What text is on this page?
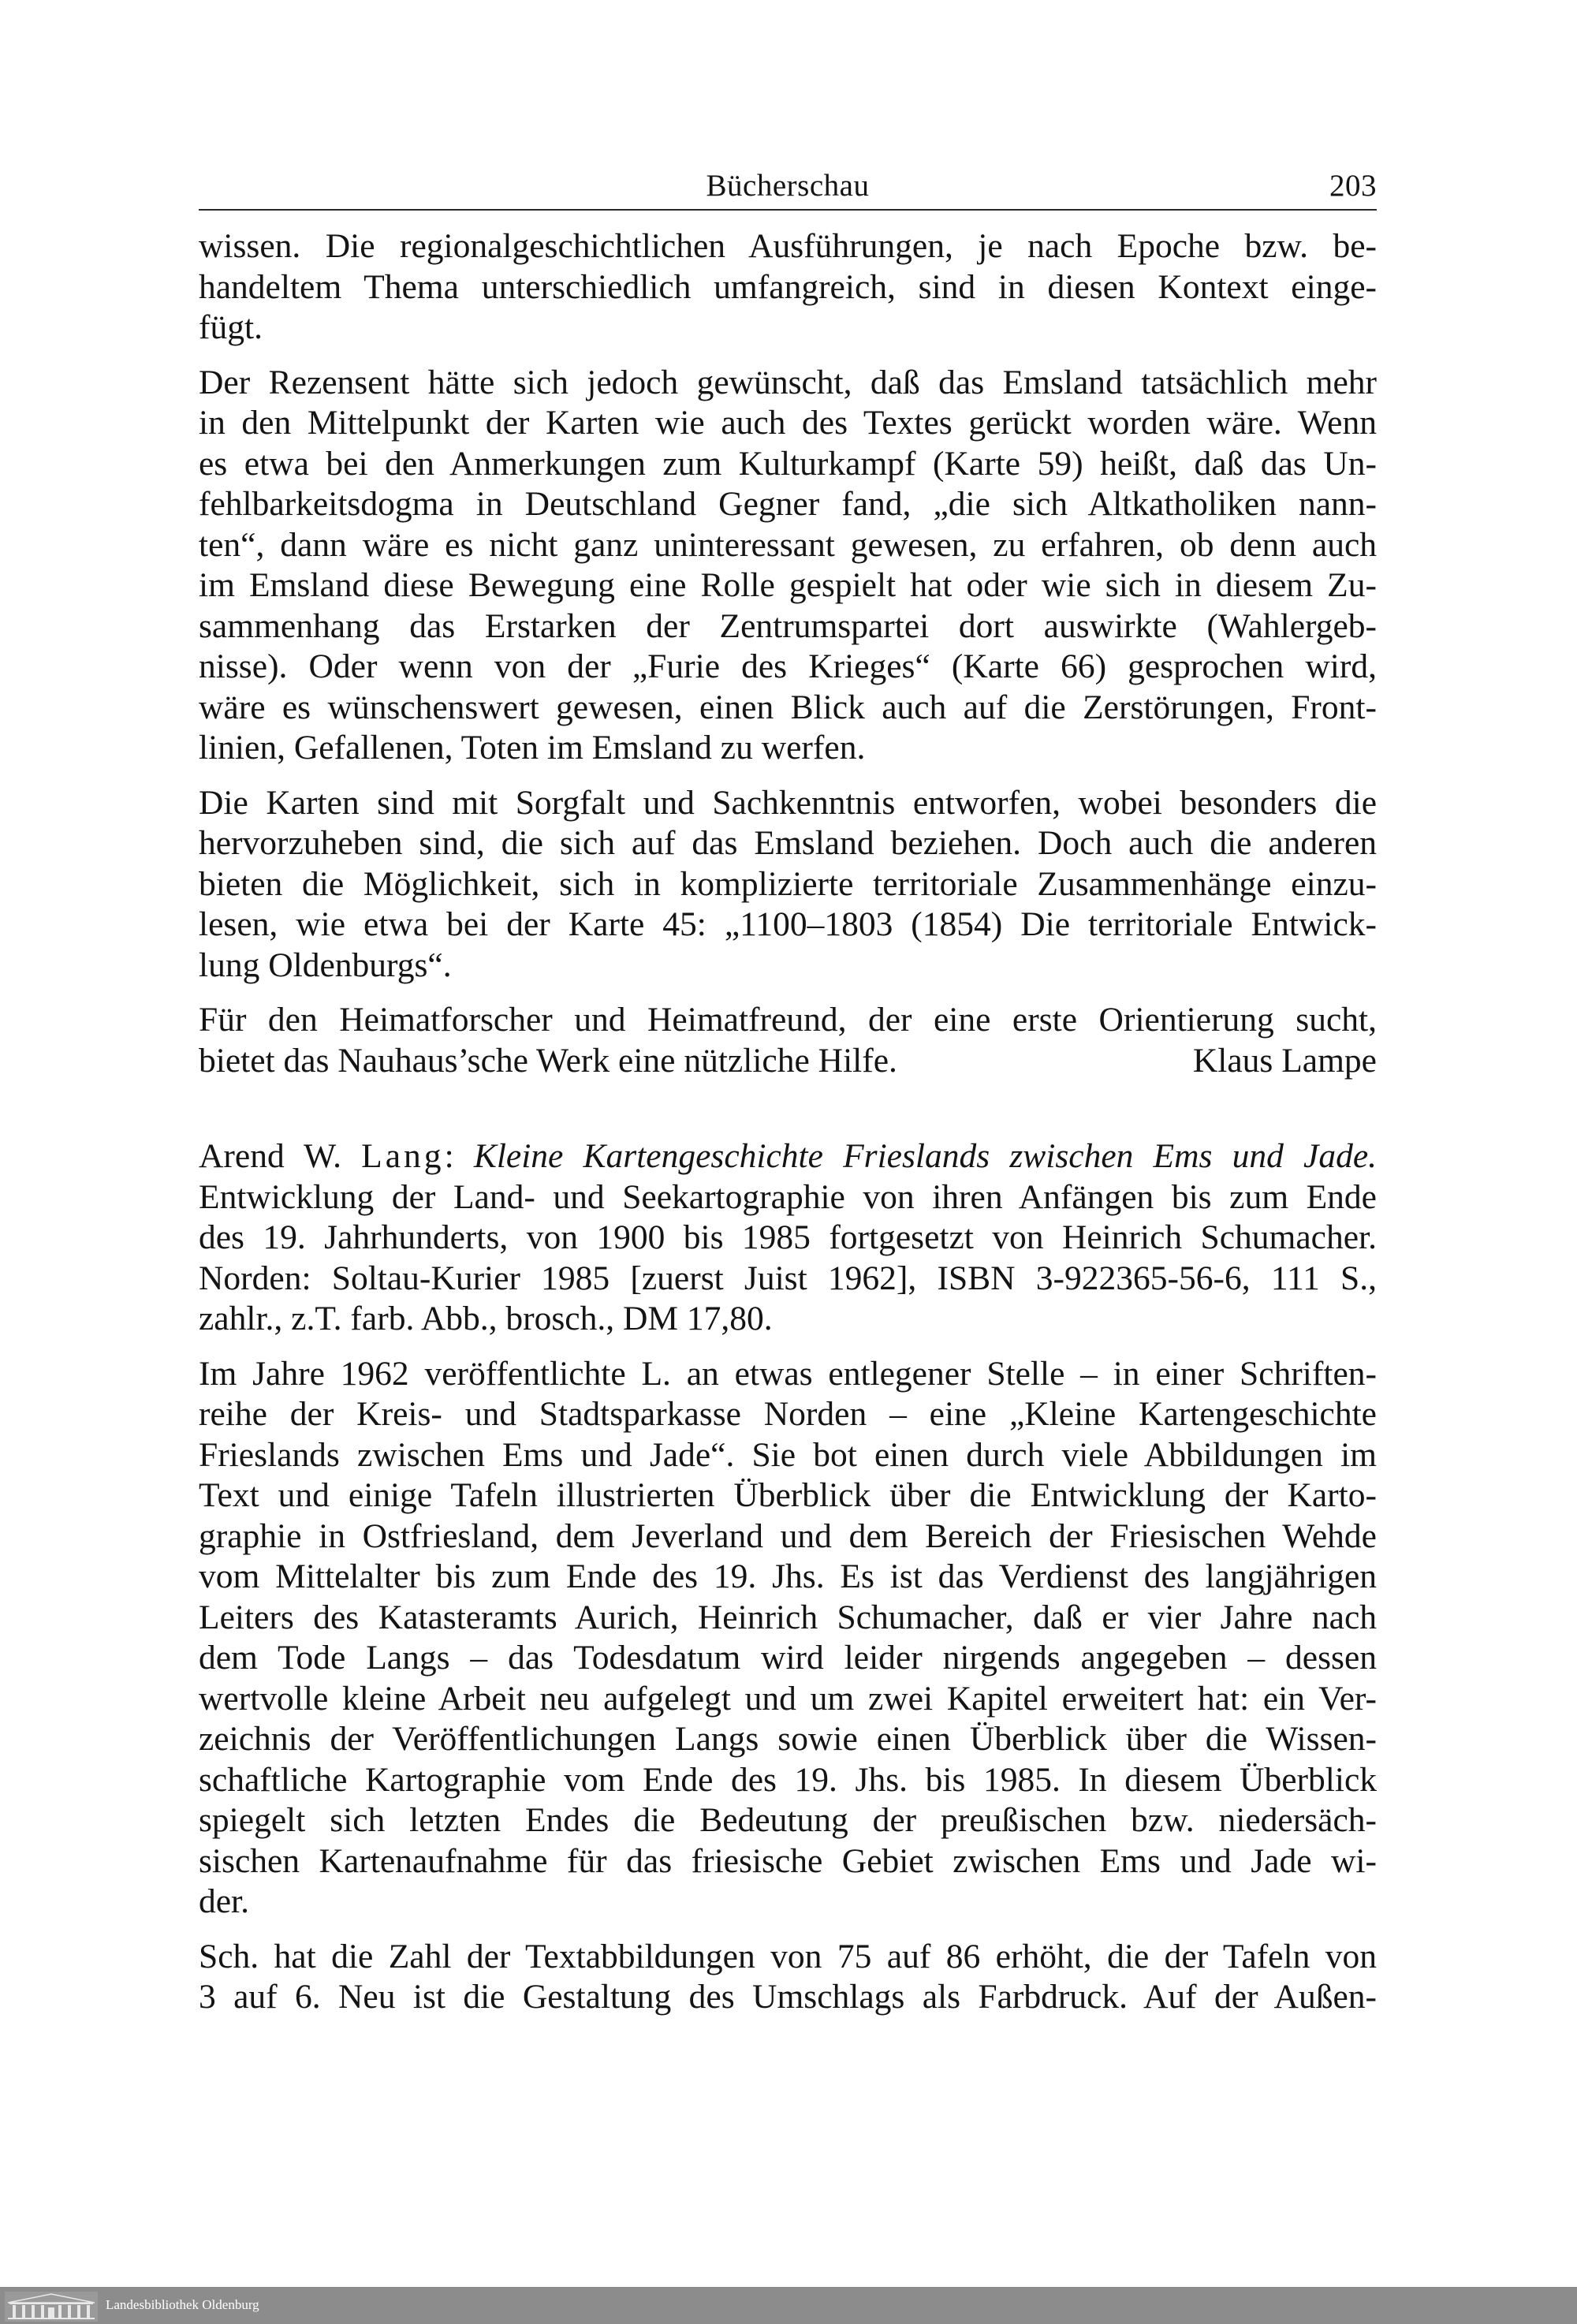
Bücherschau	203
wissen. Die regionalgeschichtlichen Ausführungen, je nach Epoche bzw. be-
handeltem Thema unterschiedlich umfangreich, sind in diesen Kontext einge-
fügt.
Der Rezensent hätte sich jedoch gewünscht, daß das Emsland tatsächlich mehr
in den Mittelpunkt der Karten wie auch des Textes gerückt worden wäre. Wenn
es etwa bei den Anmerkungen zum Kulturkampf (Karte 59) heißt, daß das Un-
fehlbarkeitsdogma in Deutschland Gegner fand, „die sich Altkatholiken nann-
ten“, dann wäre es nicht ganz uninteressant gewesen, zu erfahren, ob denn auch
im Emsland diese Bewegung eine Rolle gespielt hat oder wie sich in diesem Zu-
sammenhang das Erstarken der Zentrumspartei dort auswirkte (Wahlergeb-
nisse). Oder wenn von der „Furie des Krieges“ (Karte 66) gesprochen wird,
wäre es wünschenswert gewesen, einen Blick auch auf die Zerstörungen, Front-
linien, Gefallenen, Toten im Emsland zu werfen.
Die Karten sind mit Sorgfalt und Sachkenntnis entworfen, wobei besonders die
hervorzuheben sind, die sich auf das Emsland beziehen. Doch auch die anderen
bieten die Möglichkeit, sich in komplizierte territoriale Zusammenhänge einzu-
lesen, wie etwa bei der Karte 45: „1100–1803 (1854) Die territoriale Entwick-
lung Oldenburgs“.
Für den Heimatforscher und Heimatfreund, der eine erste Orientierung sucht,
bietet das Nauhaus’sche Werk eine nützliche Hilfe.	Klaus Lampe
Arend W. Lang: Kleine Kartengeschichte Frieslands zwischen Ems und Jade.
Entwicklung der Land- und Seekartographie von ihren Anfängen bis zum Ende
des 19. Jahrhunderts, von 1900 bis 1985 fortgesetzt von Heinrich Schumacher.
Norden: Soltau-Kurier 1985 [zuerst Juist 1962], ISBN 3-922365-56-6, 111 S.,
zahlr., z.T. farb. Abb., brosch., DM 17,80.
Im Jahre 1962 veröffentlichte L. an etwas entlegener Stelle – in einer Schriften-
reihe der Kreis- und Stadtsparkasse Norden – eine „Kleine Kartengeschichte
Frieslands zwischen Ems und Jade“. Sie bot einen durch viele Abbildungen im
Text und einige Tafeln illustrierten Überblick über die Entwicklung der Karto-
graphie in Ostfriesland, dem Jeverland und dem Bereich der Friesischen Wehde
vom Mittelalter bis zum Ende des 19. Jhs. Es ist das Verdienst des langjährigen
Leiters des Katasteramts Aurich, Heinrich Schumacher, daß er vier Jahre nach
dem Tode Langs – das Todesdatum wird leider nirgends angegeben – dessen
wertvolle kleine Arbeit neu aufgelegt und um zwei Kapitel erweitert hat: ein Ver-
zeichnis der Veröffentlichungen Langs sowie einen Überblick über die Wissen-
schaftliche Kartographie vom Ende des 19. Jhs. bis 1985. In diesem Überblick
spiegelt sich letzten Endes die Bedeutung der preußischen bzw. niedersäch-
sischen Kartenaufnahme für das friesische Gebiet zwischen Ems und Jade wi-
der.
Sch. hat die Zahl der Textabbildungen von 75 auf 86 erhöht, die der Tafeln von
3 auf 6. Neu ist die Gestaltung des Umschlags als Farbdruck. Auf der Außen-
Landesbibliothek Oldenburg
